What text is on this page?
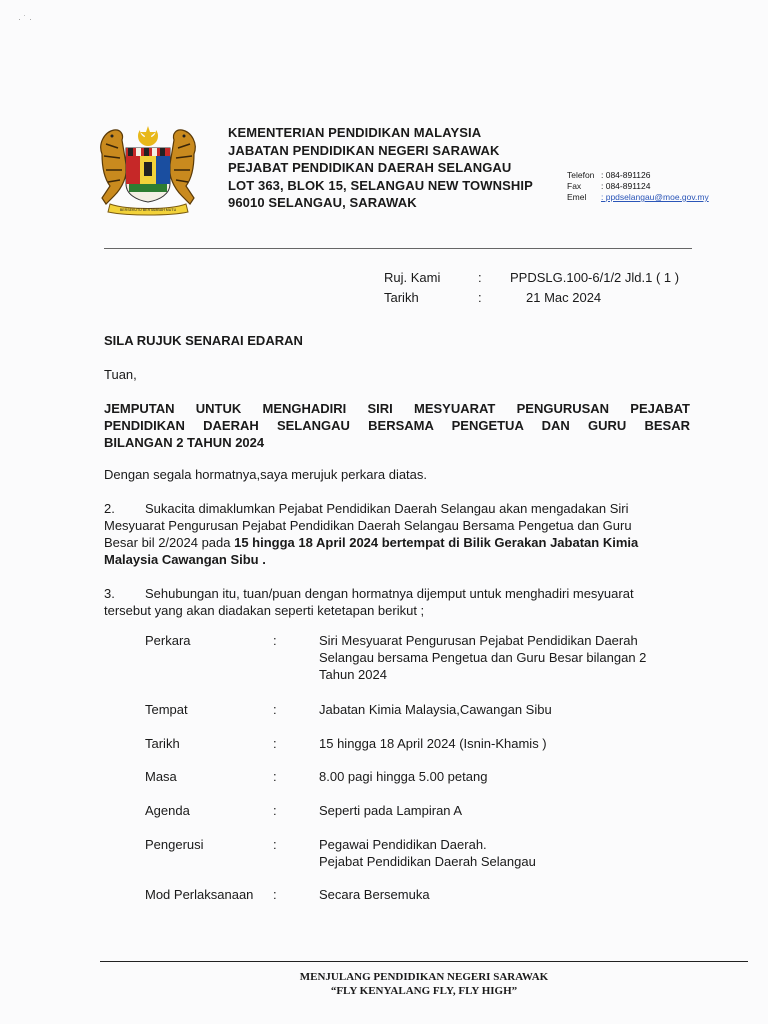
· ˙ ·
BERSEKUTU BERTAMBAH MUTU
KEMENTERIAN PENDIDIKAN MALAYSIA
JABATAN PENDIDIKAN NEGERI SARAWAK
PEJABAT PENDIDIKAN DAERAH SELANGAU
LOT 363, BLOK 15, SELANGAU NEW TOWNSHIP
96010 SELANGAU, SARAWAK
Telefon : 084-891126
Fax	: 084-891124
Emel	: ppdselangau@moe.gov.my
Ruj. Kami	:	PPDSLG.100-6/1/2 Jld.1 ( 1 )
Tarikh	:	21 Mac 2024
SILA RUJUK SENARAI EDARAN
Tuan,
JEMPUTAN UNTUK MENGHADIRI SIRI MESYUARAT PENGURUSAN PEJABAT
PENDIDIKAN DAERAH SELANGAU BERSAMA PENGETUA DAN GURU BESAR
BILANGAN 2 TAHUN 2024
Dengan segala hormatnya,saya merujuk perkara diatas.
2. Sukacita dimaklumkan Pejabat Pendidikan Daerah Selangau akan mengadakan Siri
Mesyuarat Pengurusan Pejabat Pendidikan Daerah Selangau Bersama Pengetua dan Guru
Besar bil 2/2024 pada 15 hingga 18 April 2024 bertempat di Bilik Gerakan Jabatan Kimia
Malaysia Cawangan Sibu .
3. Sehubungan itu, tuan/puan dengan hormatnya dijemput untuk menghadiri mesyuarat
tersebut yang akan diadakan seperti ketetapan berikut ;
Perkara	:	Siri Mesyuarat Pengurusan Pejabat Pendidikan Daerah
Selangau bersama Pengetua dan Guru Besar bilangan 2
Tahun 2024
Tempat	:	Jabatan Kimia Malaysia,Cawangan Sibu
Tarikh	:	15 hingga 18 April 2024 (Isnin-Khamis )
Masa	:	8.00 pagi hingga 5.00 petang
Agenda	:	Seperti pada Lampiran A
Pengerusi	:	Pegawai Pendidikan Daerah.
Pejabat Pendidikan Daerah Selangau
Mod Perlaksanaan	:	Secara Bersemuka
MENJULANG PENDIDIKAN NEGERI SARAWAK
“FLY KENYALANG FLY, FLY HIGH”
